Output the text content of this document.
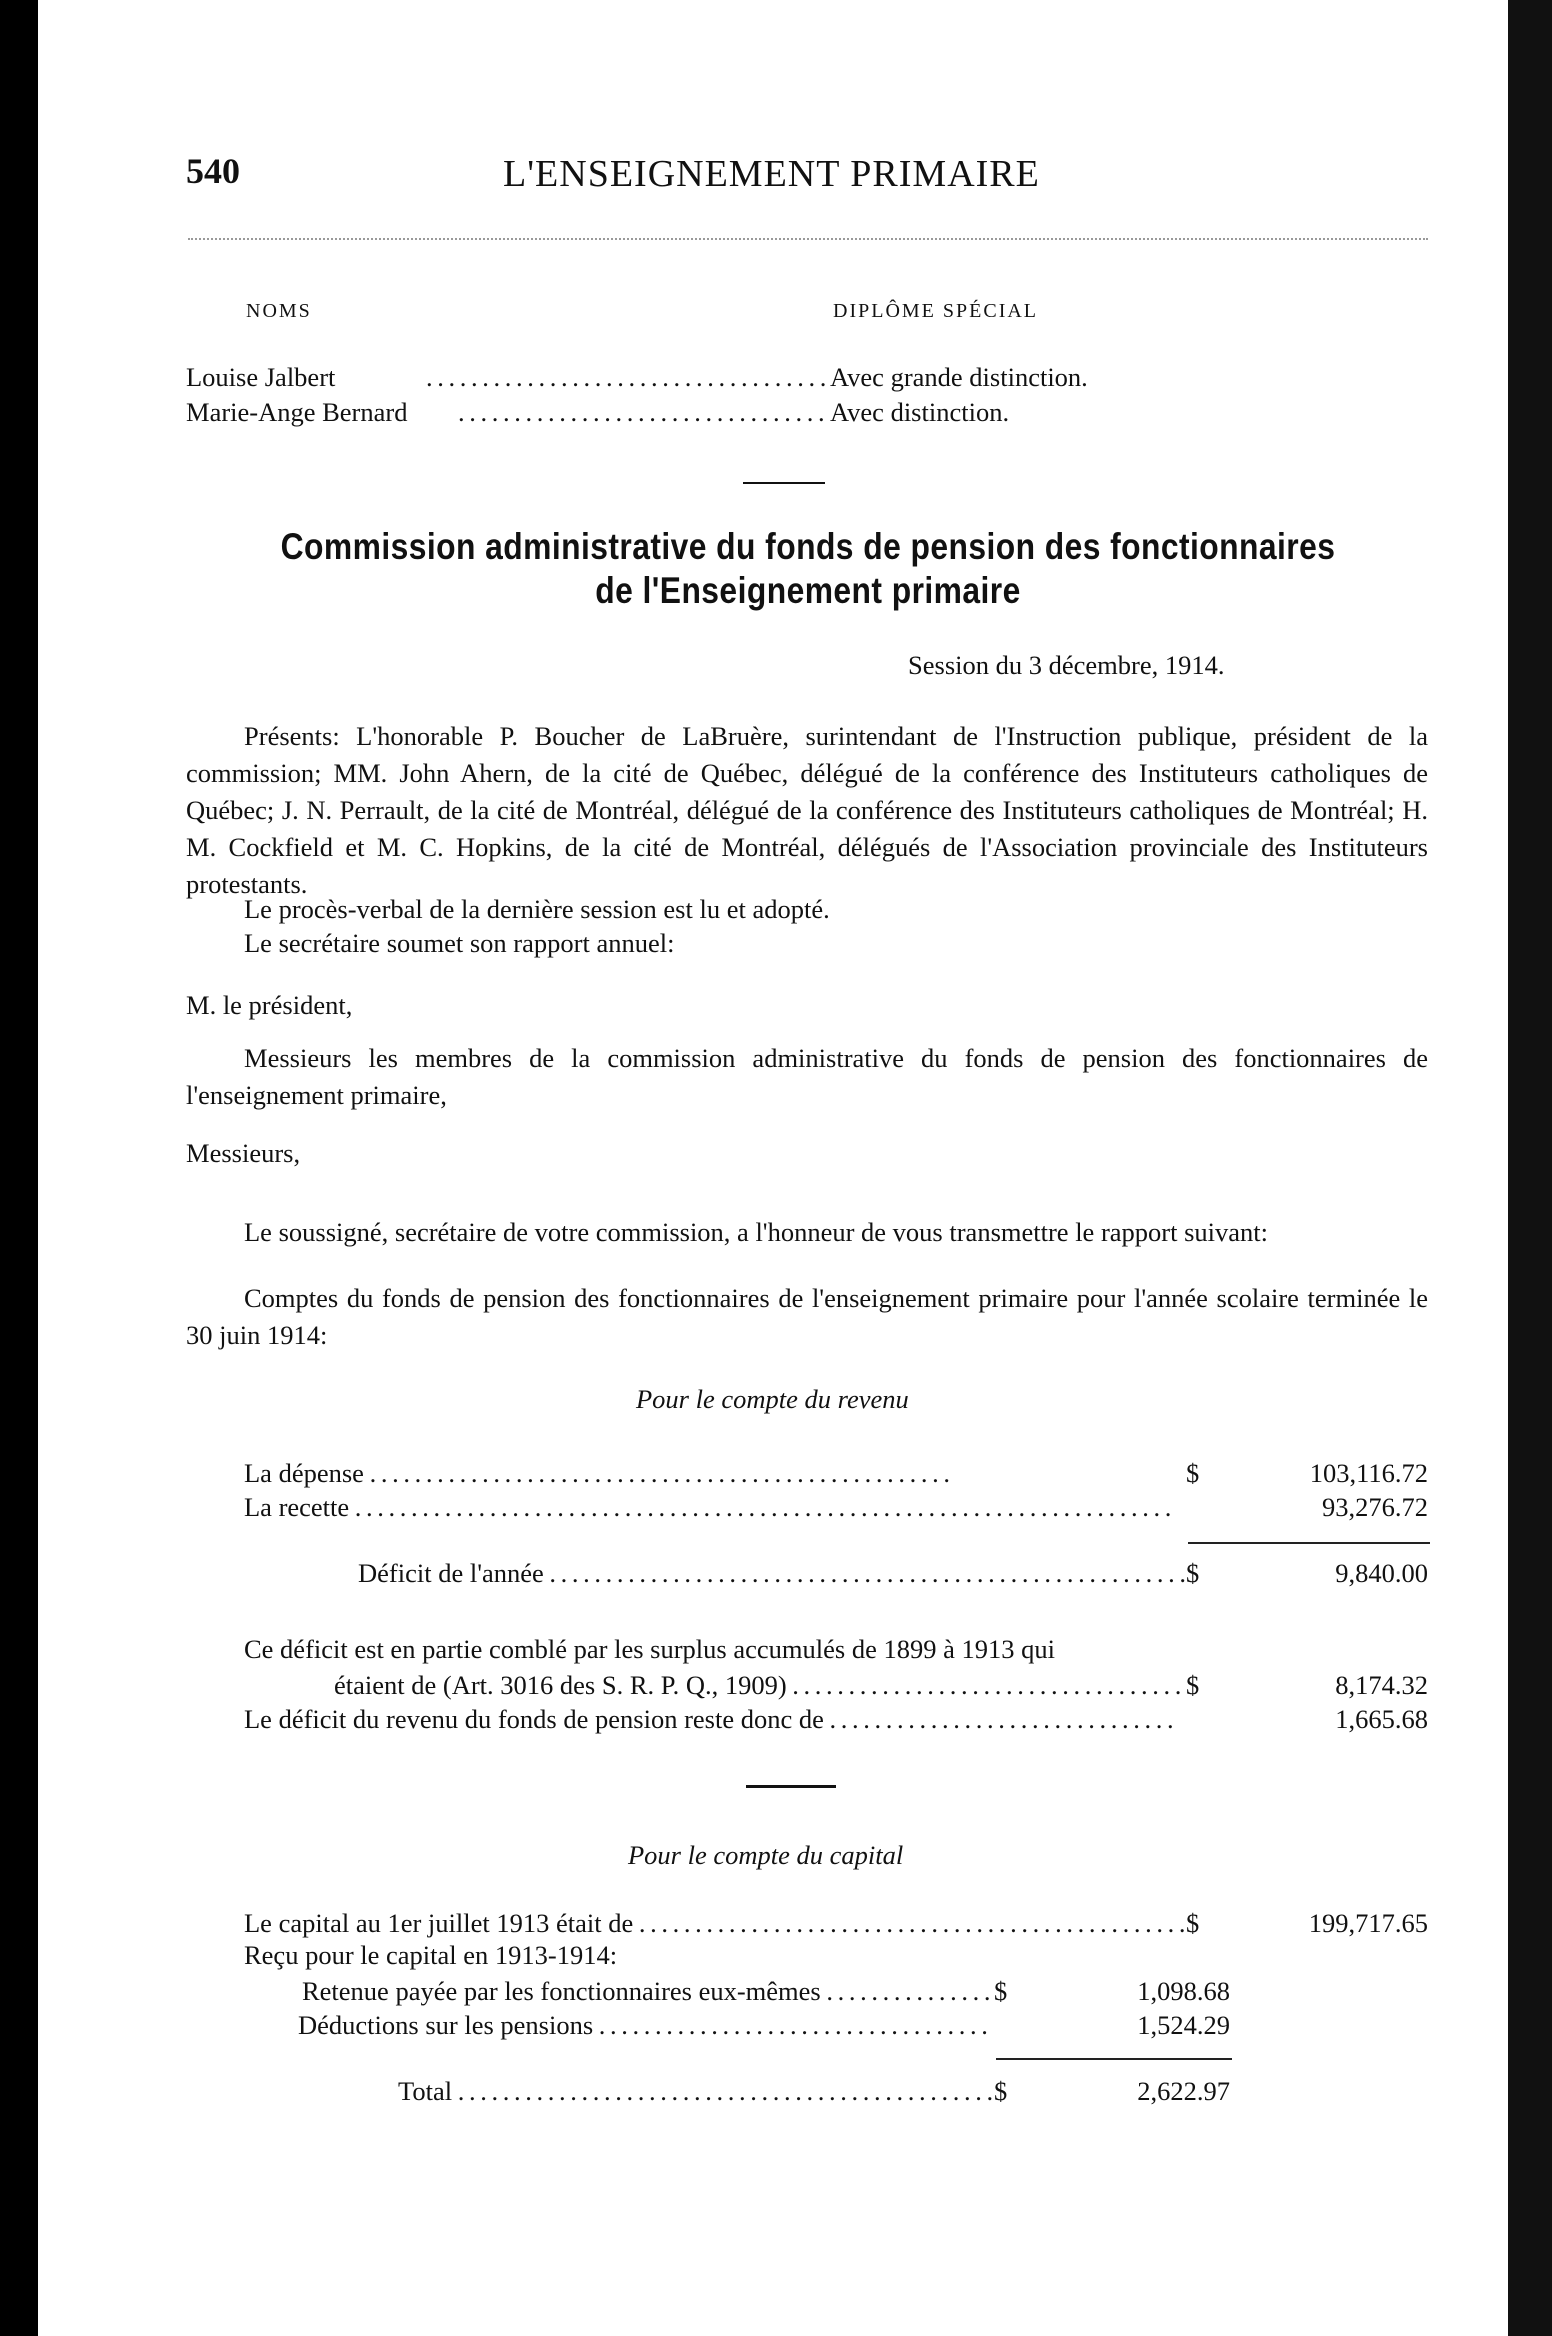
540	L'ENSEIGNEMENT PRIMAIRE
NOMS	DIPLÔME SPÉCIAL
Louise Jalbert . . .	Avec grande distinction.
Marie-Ange Bernard . . .	Avec distinction.
Commission administrative du fonds de pension des fonctionnaires
de l'Enseignement primaire
Session du 3 décembre, 1914.
Présents: L'honorable P. Boucher de LaBruère, surintendant de l'Instruction publique, président de la commission; MM. John Ahern, de la cité de Québec, délégué de la conférence des Instituteurs catholiques de Québec; J. N. Perrault, de la cité de Montréal, délégué de la conférence des Instituteurs catholiques de Montréal; H. M. Cockfield et M. C. Hopkins, de la cité de Montréal, délégués de l'Association provinciale des Instituteurs protestants.
Le procès-verbal de la dernière session est lu et adopté.
Le secrétaire soumet son rapport annuel:
M. le président,
Messieurs les membres de la commission administrative du fonds de pension des fonctionnaires de l'enseignement primaire,
Messieurs,
Le soussigné, secrétaire de votre commission, a l'honneur de vous transmettre le rapport suivant:
Comptes du fonds de pension des fonctionnaires de l'enseignement primaire pour l'année scolaire terminée le 30 juin 1914:
Pour le compte du revenu
La dépense . . .	$	103,116.72
La recette . . .	93,276.72
Déficit de l'année . . .	$	9,840.00
Ce déficit est en partie comblé par les surplus accumulés de 1899 à 1913 qui
étaient de (Art. 3016 des S. R. P. Q., 1909) . . .	$	8,174.32
Le déficit du revenu du fonds de pension reste donc de . . .	1,665.68
Pour le compte du capital
Le capital au 1er juillet 1913 était de . . .	$	199,717.65
Reçu pour le capital en 1913-1914:
Retenue payée par les fonctionnaires eux-mêmes . . .	$	1,098.68
Déductions sur les pensions . . .	1,524.29
Total . . .	$	2,622.97
